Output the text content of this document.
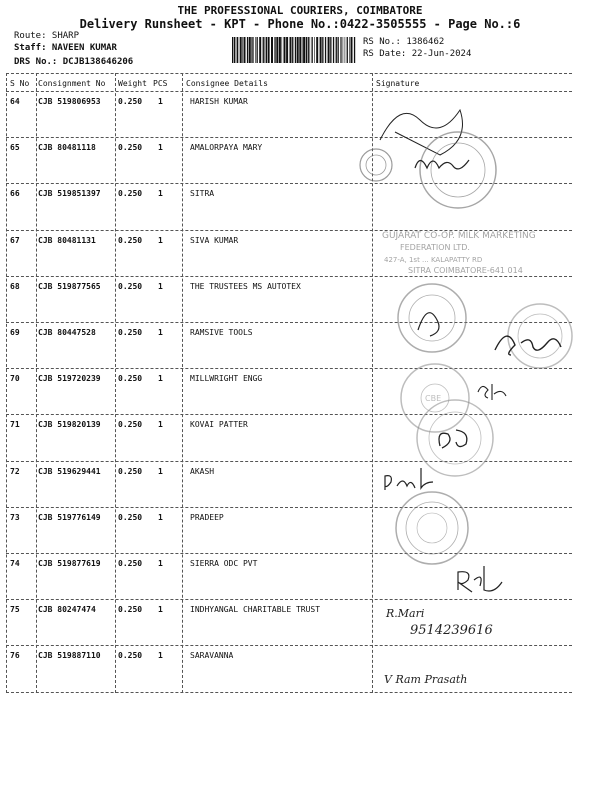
THE PROFESSIONAL COURIERS, COIMBATORE
Delivery Runsheet - KPT - Phone No.:0422-3505555 - Page No.:6
Route: SHARP
Staff: NAVEEN KUMAR
DRS No.: DCJB138646206
RS No.: 1386462
RS Date: 22-Jun-2024
S No Consignment No Weight PCS Consignee Details	Signature
64 CJB 519806953 0.250 1	HARISH KUMAR
65 CJB 80481118	0.250 1	AMALORPAYA MARY
66 CJB 519851397 0.250 1	SITRA
67 CJB 80481131	0.250 1	SIVA KUMAR
68 CJB 519877565 0.250 1	THE TRUSTEES MS AUTOTEX
69 CJB 80447528	0.250 1	RAMSIVE TOOLS
70 CJB 519720239 0.250 1	MILLWRIGHT ENGG
71 CJB 519820139 0.250 1	KOVAI PATTER
72 CJB 519629441 0.250 1	AKASH
73 CJB 519776149 0.250 1	PRADEEP
74 CJB 519877619 0.250 1	SIERRA ODC PVT
75 CJB 80247474	0.250 1	INDHYANGAL CHARITABLE TRUST
76 CJB 519887110 0.250 1	SARAVANNA
GUJARAT CO-OP. MILK MARKETING
FEDERATION LTD.
427-A, 1st ... KALAPATTY RD
SITRA COIMBATORE-641 014
CBE
R.Mari
9514239616
V Ram Prasath
